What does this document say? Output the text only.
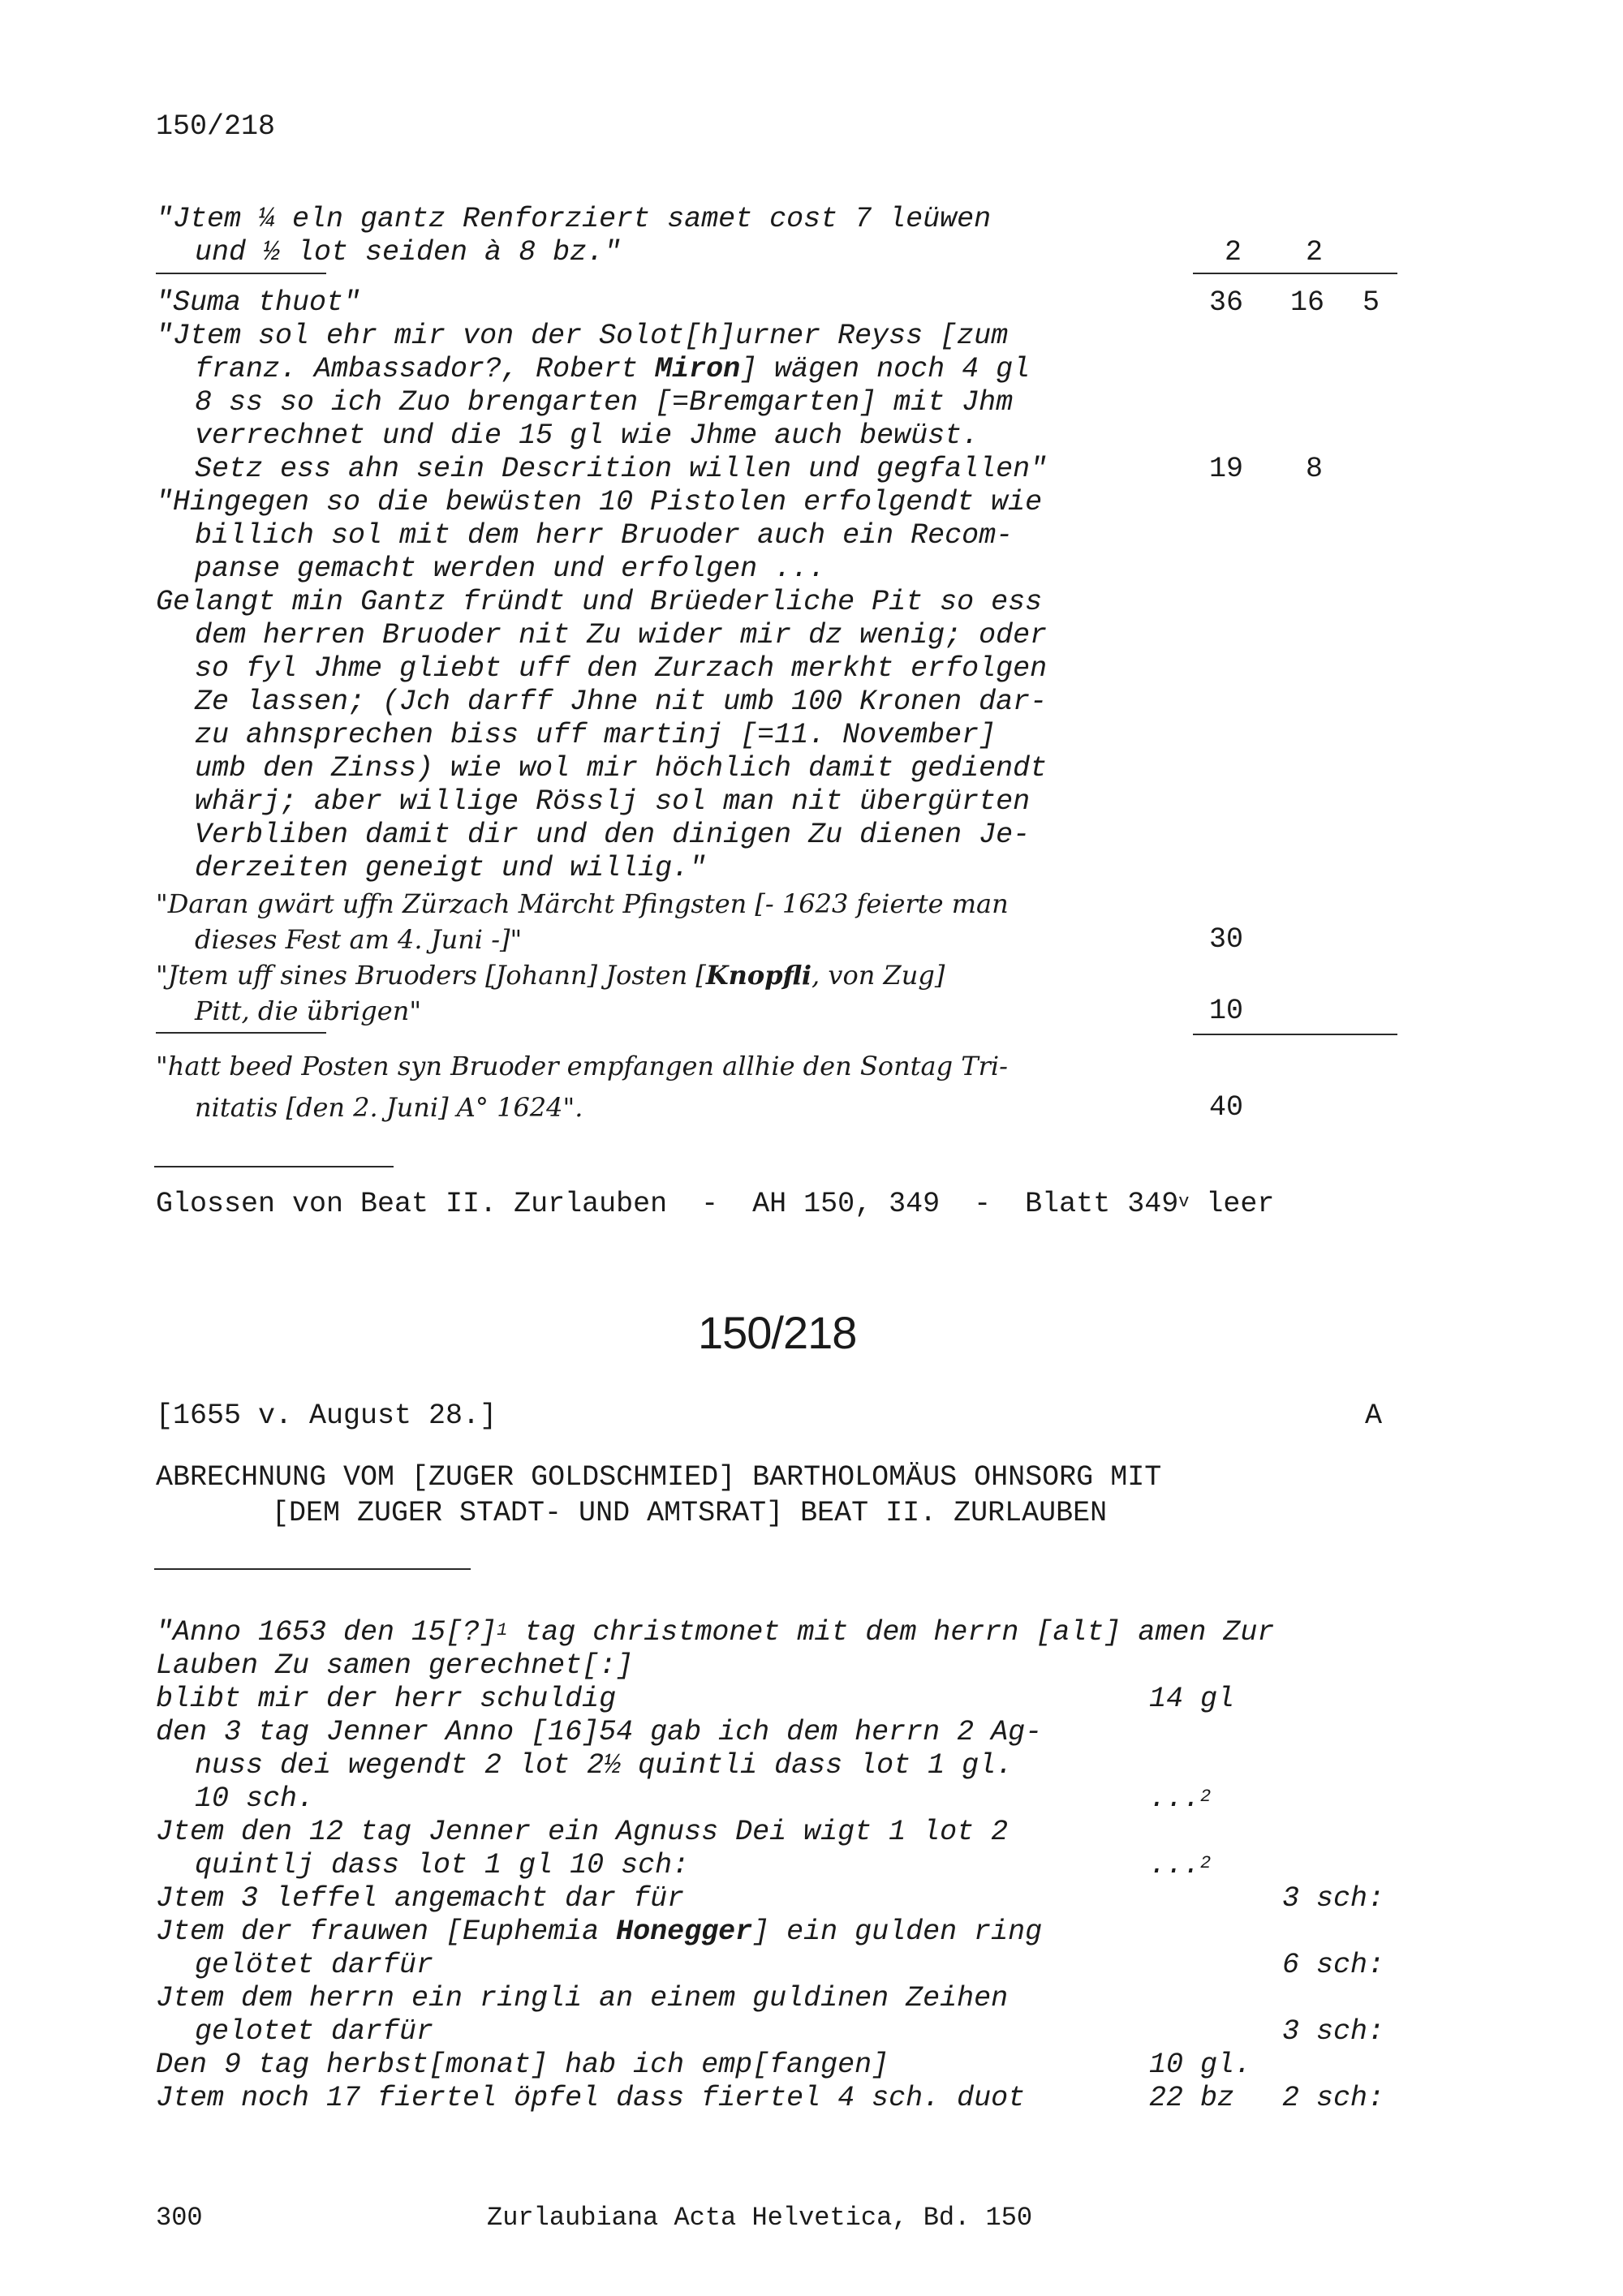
150/218
"Jtem ¼ eln gantz Renforziert samet cost 7 leüwen
und ½ lot seiden à 8 bz."	2	2
"Suma thuot"	36 16 5
"Jtem sol ehr mir von der Solot[h]urner Reyss [zum
franz. Ambassador?, Robert Miron] wägen noch 4 gl
8 ss so ich Zuo brengarten [=Bremgarten] mit Jhm
verrechnet und die 15 gl wie Jhme auch bewüst.
Setz ess ahn sein Descrition willen und gegfallen"	19 8
"Hingegen so die bewüsten 10 Pistolen erfolgendt wie
billich sol mit dem herr Bruoder auch ein Recom-
panse gemacht werden und erfolgen ...
Gelangt min Gantz fründt und Brüederliche Pit so ess
dem herren Bruoder nit Zu wider mir dz wenig; oder
so fyl Jhme gliebt uff den Zurzach merkht erfolgen
Ze lassen; (Jch darff Jhne nit umb 100 Kronen dar-
zu ahnsprechen biss uff martinj [=11. November]
umb den Zinss) wie wol mir höchlich damit gediendt
whärj; aber willige Rösslj sol man nit übergürten
Verbliben damit dir und den dinigen Zu dienen Je-
derzeiten geneigt und willig."
"Daran gwärt uffn Zürzach Märcht Pfingsten [- 1623 feierte man
dieses Fest am 4. Juni -]"	30
"Jtem uff sines Bruoders [Johann] Josten [Knopfli, von Zug]
Pitt, die übrigen"	10
"hatt beed Posten syn Bruoder empfangen allhie den Sontag Tri-
nitatis [den 2. Juni] A° 1624".	40
Glossen von Beat II. Zurlauben  -  AH 150, 349  -  Blatt 349$^v$ leer
150/218
[1655 v. August 28.]	A
ABRECHNUNG VOM [ZUGER GOLDSCHMIED] BARTHOLOMÄUS OHNSORG MIT
[DEM ZUGER STADT- UND AMTSRAT] BEAT II. ZURLAUBEN
"Anno 1653 den 15[?]$^1$ tag christmonet mit dem herrn [alt] amen Zur
Lauben Zu samen gerechnet[:]
blibt mir der herr schuldig	14 gl
den 3 tag Jenner Anno [16]54 gab ich dem herrn 2 Ag-
nuss dei wegendt 2 lot 2½ quintli dass lot 1 gl.
10 sch.	...$^2$
Jtem den 12 tag Jenner ein Agnuss Dei wigt 1 lot 2
quintlj dass lot 1 gl 10 sch:	...$^2$
Jtem 3 leffel angemacht dar für	3 sch:
Jtem der frauwen [Euphemia Honegger] ein gulden ring
gelötet darfür	6 sch:
Jtem dem herrn ein ringli an einem guldinen Zeihen
gelotet darfür	3 sch:
Den 9 tag herbst[monat] hab ich emp[fangen]	10 gl.
Jtem noch 17 fiertel öpfel dass fiertel 4 sch. duot	22 bz 2 sch:
300	Zurlaubiana Acta Helvetica, Bd. 150
